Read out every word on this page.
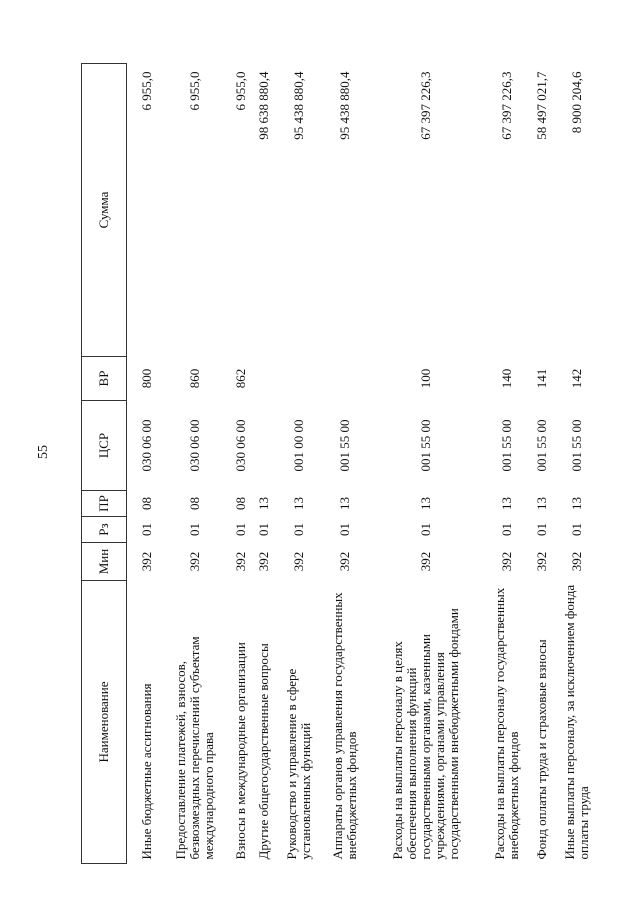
55
Наименование	Мин	Рз	ПР	ЦСР	ВР	Сумма
Иные бюджетные ассигнования	392	01	08	030 06 00	800	6 955,0
Предоставление платежей, взносов, безвозмездных перечислений субъектам международного права	392	01	08	030 06 00	860	6 955,0
Взносы в международные организации	392	01	08	030 06 00	862	6 955,0
Другие общегосударственные вопросы	392	01	13			98 638 880,4
Руководство и управление в сфере установленных функций	392	01	13	001 00 00		95 438 880,4
Аппараты органов управления государственных внебюджетных фондов	392	01	13	001 55 00		95 438 880,4
Расходы на выплаты персоналу в целях обеспечения выполнения функций государственными органами, казенными учреждениями, органами управления государственными внебюджетными фондами	392	01	13	001 55 00	100	67 397 226,3
Расходы на выплаты персоналу государственных внебюджетных фондов	392	01	13	001 55 00	140	67 397 226,3
Фонд оплаты труда и страховые взносы	392	01	13	001 55 00	141	58 497 021,7
Иные выплаты персоналу, за исключением фонда оплаты труда	392	01	13	001 55 00	142	8 900 204,6
